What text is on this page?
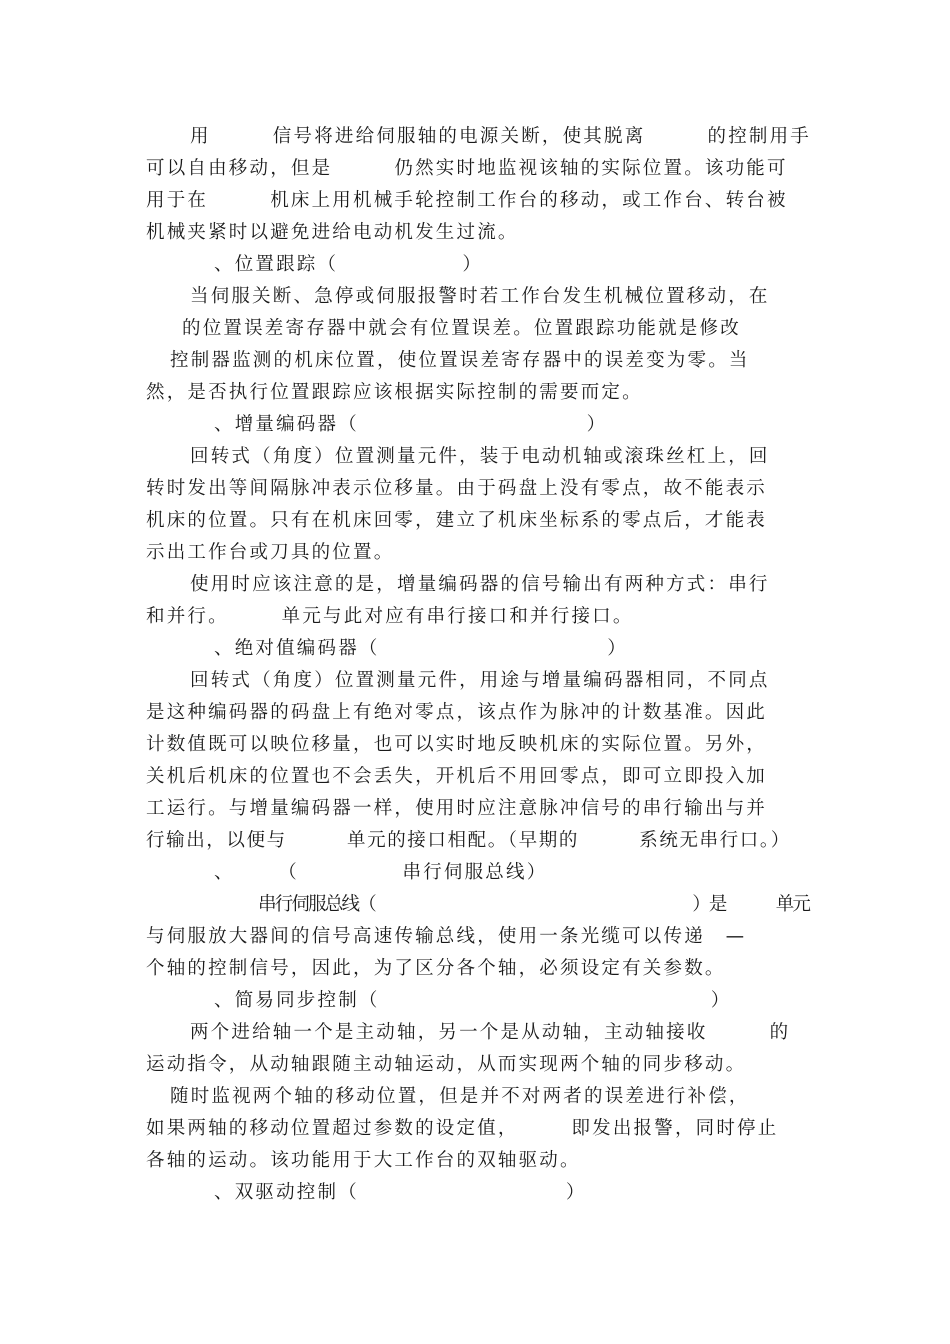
用　　　信号将进给伺服轴的电源关断，使其脱离　　　的控制用手
可以自由移动，但是　　　仍然实时地监视该轴的实际位置。该功能可
用于在　　　机床上用机械手轮控制工作台的移动，或工作台、转台被
机械夹紧时以避免进给电动机发生过流。
、位置跟踪（　　　　　　）
当伺服关断、急停或伺服报警时若工作台发生机械位置移动，在
的位置误差寄存器中就会有位置误差。位置跟踪功能就是修改
控制器监测的机床位置，使位置误差寄存器中的误差变为零。当
然，是否执行位置跟踪应该根据实际控制的需要而定。
、增量编码器（　　　　　　　　　　　）
回转式（角度）位置测量元件，装于电动机轴或滚珠丝杠上，回
转时发出等间隔脉冲表示位移量。由于码盘上没有零点，故不能表示
机床的位置。只有在机床回零，建立了机床坐标系的零点后，才能表
示出工作台或刀具的位置。
使用时应该注意的是，增量编码器的信号输出有两种方式：串行
和并行。　　　单元与此对应有串行接口和并行接口。
、绝对值编码器（　　　　　　　　　　　）
回转式（角度）位置测量元件，用途与增量编码器相同，不同点
是这种编码器的码盘上有绝对零点，该点作为脉冲的计数基准。因此
计数值既可以映位移量，也可以实时地反映机床的实际位置。另外，
关机后机床的位置也不会丢失，开机后不用回零点，即可立即投入加
工运行。与增量编码器一样，使用时应注意脉冲信号的串行输出与并
行输出，以便与　　　单元的接口相配。（早期的　　　系统无串行口。）
、　　　（　　　　　串行伺服总线）
串行伺服总线（　　　　　　　　　　　　　　　　　　　）是　　　单元
与伺服放大器间的信号高速传输总线，使用一条光缆可以传递　—
个轴的控制信号，因此，为了区分各个轴，必须设定有关参数。
、简易同步控制（　　　　　　　　　　　　　　　　）
两个进给轴一个是主动轴，另一个是从动轴，主动轴接收　　　的
运动指令，从动轴跟随主动轴运动，从而实现两个轴的同步移动。
随时监视两个轴的移动位置，但是并不对两者的误差进行补偿，
如果两轴的移动位置超过参数的设定值，　　　即发出报警，同时停止
各轴的运动。该功能用于大工作台的双轴驱动。
、双驱动控制（　　　　　　　　　　）
